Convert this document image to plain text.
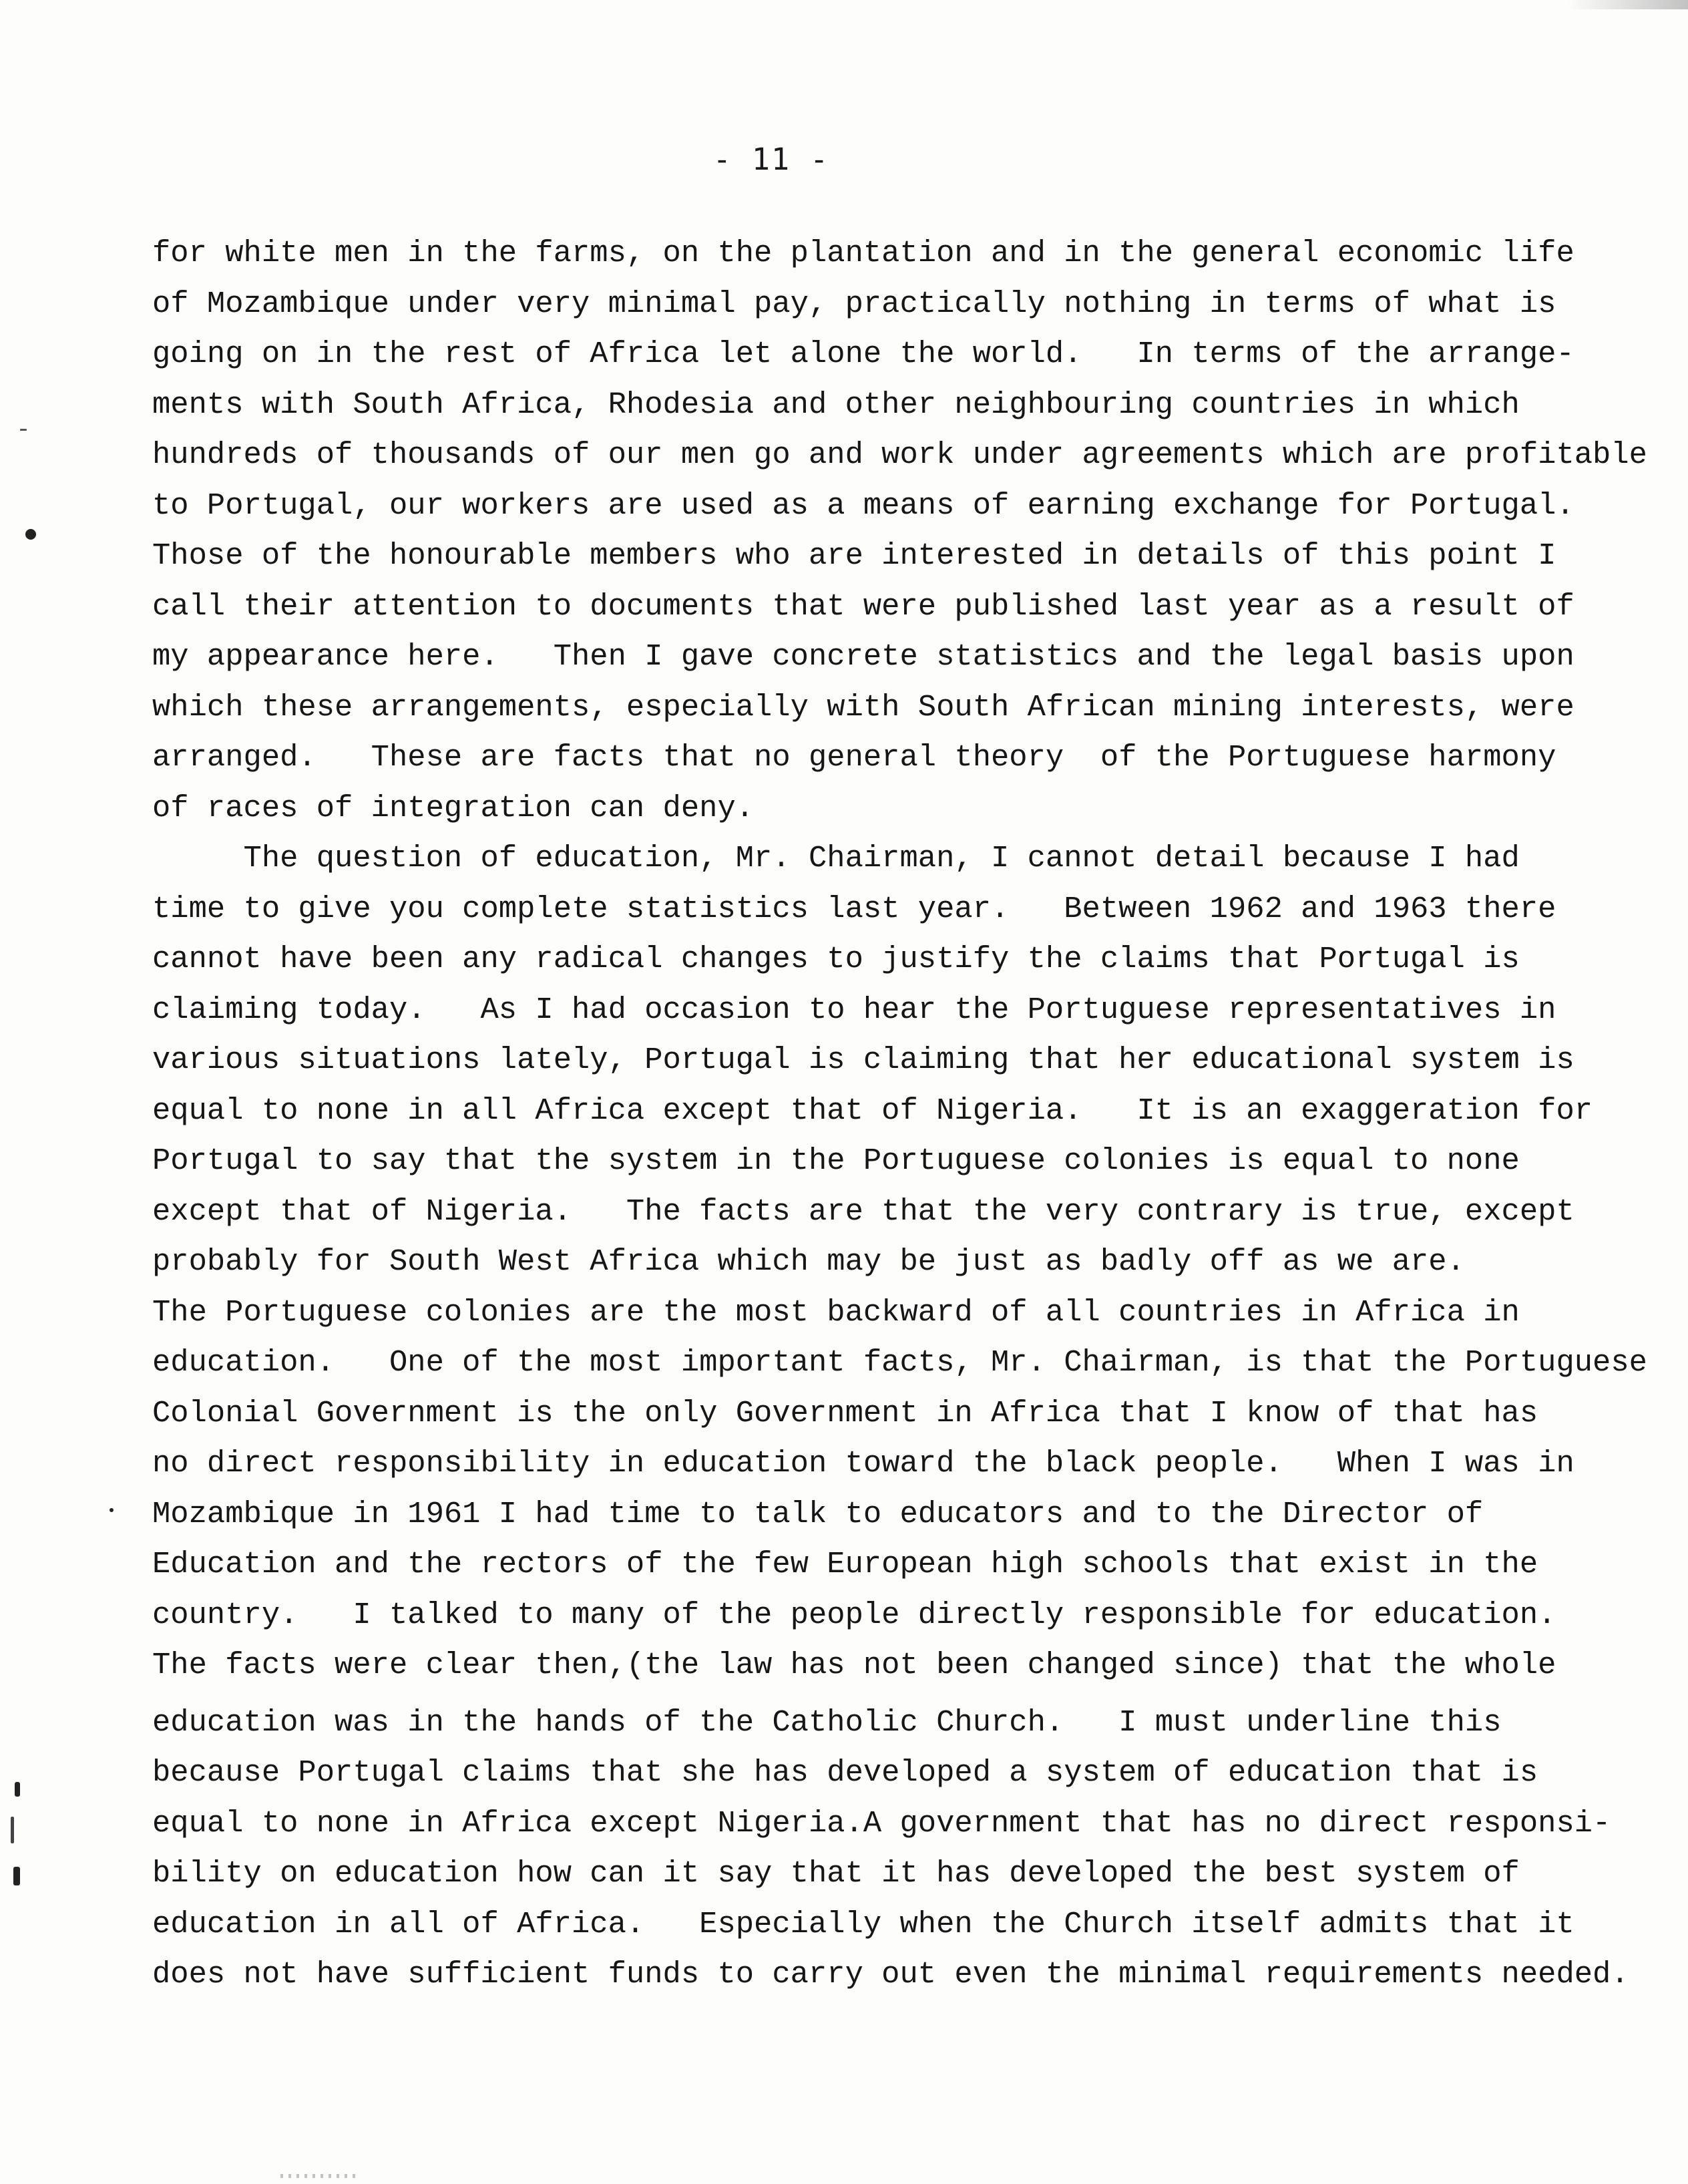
- 11 -
for white men in the farms, on the plantation and in the general economic life
of Mozambique under very minimal pay, practically nothing in terms of what is
going on in the rest of Africa let alone the world.   In terms of the arrange-
ments with South Africa, Rhodesia and other neighbouring countries in which
hundreds of thousands of our men go and work under agreements which are profitable
to Portugal, our workers are used as a means of earning exchange for Portugal.
Those of the honourable members who are interested in details of this point I
call their attention to documents that were published last year as a result of
my appearance here.   Then I gave concrete statistics and the legal basis upon
which these arrangements, especially with South African mining interests, were
arranged.   These are facts that no general theory  of the Portuguese harmony
of races of integration can deny.
The question of education, Mr. Chairman, I cannot detail because I had
time to give you complete statistics last year.   Between 1962 and 1963 there
cannot have been any radical changes to justify the claims that Portugal is
claiming today.   As I had occasion to hear the Portuguese representatives in
various situations lately, Portugal is claiming that her educational system is
equal to none in all Africa except that of Nigeria.   It is an exaggeration for
Portugal to say that the system in the Portuguese colonies is equal to none
except that of Nigeria.   The facts are that the very contrary is true, except
probably for South West Africa which may be just as badly off as we are.
The Portuguese colonies are the most backward of all countries in Africa in
education.   One of the most important facts, Mr. Chairman, is that the Portuguese
Colonial Government is the only Government in Africa that I know of that has
no direct responsibility in education toward the black people.   When I was in
Mozambique in 1961 I had time to talk to educators and to the Director of
Education and the rectors of the few European high schools that exist in the
country.   I talked to many of the people directly responsible for education.
The facts were clear then,(the law has not been changed since) that the whole
education was in the hands of the Catholic Church.   I must underline this
because Portugal claims that she has developed a system of education that is
equal to none in Africa except Nigeria.A government that has no direct responsi-
bility on education how can it say that it has developed the best system of
education in all of Africa.   Especially when the Church itself admits that it
does not have sufficient funds to carry out even the minimal requirements needed.
